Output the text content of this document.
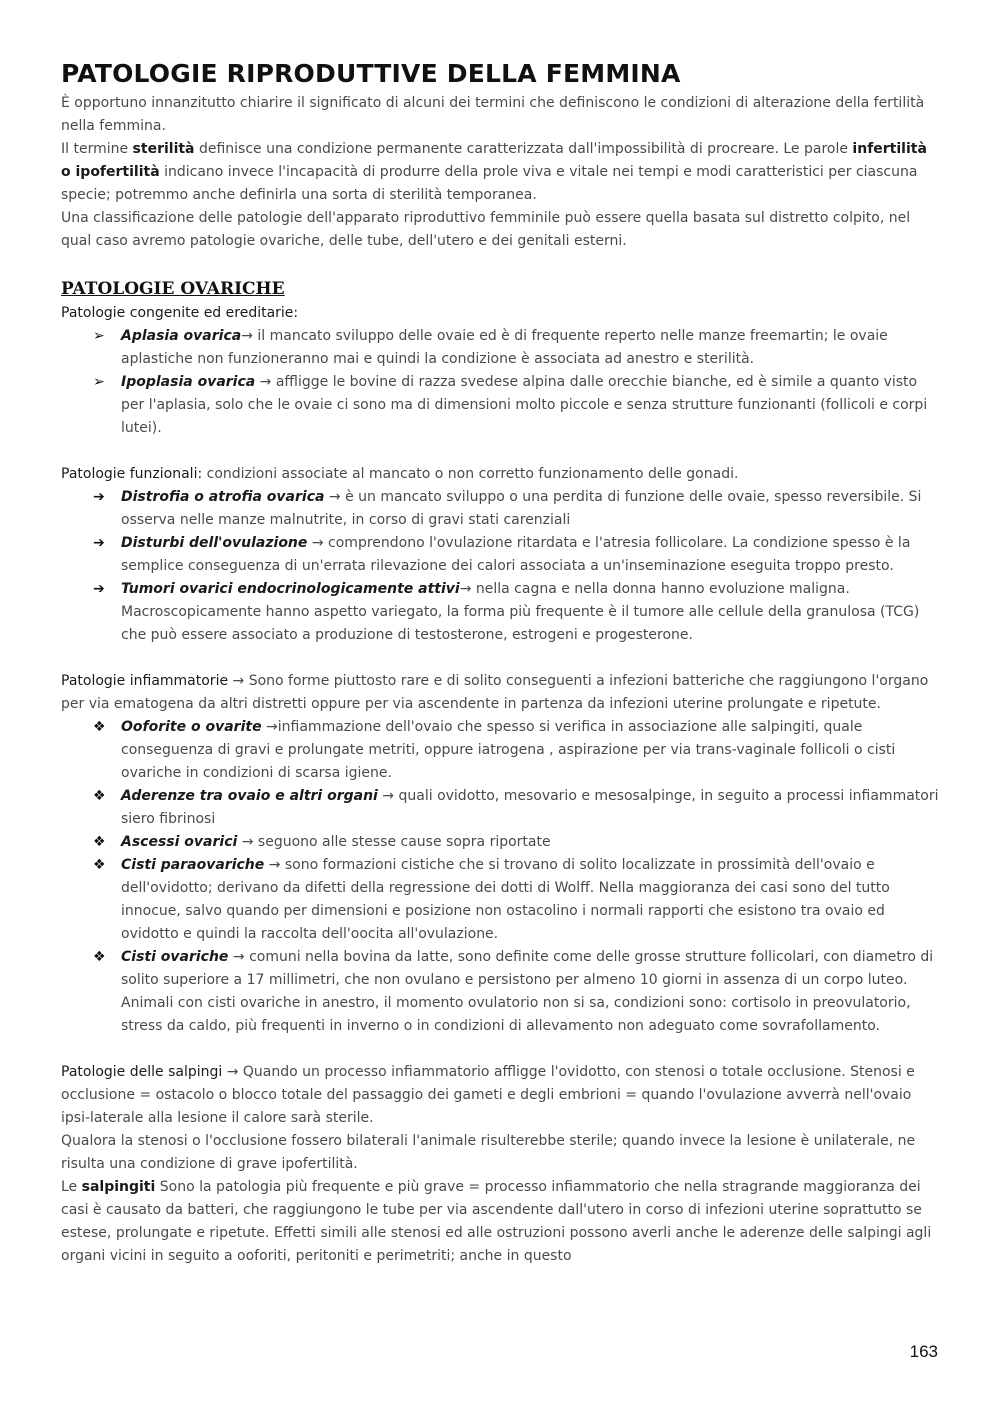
PATOLOGIE RIPRODUTTIVE DELLA FEMMINA

È opportuno innanzitutto chiarire il significato di alcuni dei termini che definiscono le condizioni di alterazione della fertilità nella femmina.

Il termine sterilità definisce una condizione permanente caratterizzata dall'impossibilità di procreare. Le parole infertilità o ipofertilità indicano invece l'incapacità di produrre della prole viva e vitale nei tempi e modi caratteristici per ciascuna specie; potremmo anche definirla una sorta di sterilità temporanea.

Una classificazione delle patologie dell'apparato riproduttivo femminile può essere quella basata sul distretto colpito, nel qual caso avremo patologie ovariche, delle tube, dell'utero e dei genitali esterni.

PATOLOGIE OVARICHE
Patologie congenite ed ereditarie:
➢ Aplasia ovarica→ il mancato sviluppo delle ovaie ed è di frequente reperto nelle manze freemartin; le ovaie aplastiche non funzioneranno mai e quindi la condizione è associata ad anestro e sterilità.
➢ Ipoplasia ovarica → affligge le bovine di razza svedese alpina dalle orecchie bianche, ed è simile a quanto visto per l'aplasia, solo che le ovaie ci sono ma di dimensioni molto piccole e senza strutture funzionanti (follicoli e corpi lutei).

Patologie funzionali: condizioni associate al mancato o non corretto funzionamento delle gonadi.

➔ Distrofia o atrofia ovarica → è un mancato sviluppo o una perdita di funzione delle ovaie, spesso reversibile. Si osserva nelle manze malnutrite, in corso di gravi stati carenziali
➔ Disturbi dell'ovulazione → comprendono l'ovulazione ritardata e l'atresia follicolare. La condizione spesso è la semplice conseguenza di un'errata rilevazione dei calori associata a un'inseminazione eseguita troppo presto.
➔ Tumori ovarici endocrinologicamente attivi→ nella cagna e nella donna hanno evoluzione maligna. Macroscopicamente hanno aspetto variegato, la forma più frequente è il tumore alle cellule della granulosa (TCG) che può essere associato a produzione di testosterone, estrogeni e progesterone.

Patologie infiammatorie → Sono forme piuttosto rare e di solito conseguenti a infezioni batteriche che raggiungono l'organo per via ematogena da altri distretti oppure per via ascendente in partenza da infezioni uterine prolungate e ripetute.

❖ Ooforite o ovarite →infiammazione dell'ovaio che spesso si verifica in associazione alle salpingiti, quale conseguenza di gravi e prolungate metriti, oppure iatrogena , aspirazione per via trans-vaginale follicoli o cisti ovariche in condizioni di scarsa igiene.
❖ Aderenze tra ovaio e altri organi → quali ovidotto, mesovario e mesosalpinge, in seguito a processi infiammatori siero fibrinosi
❖ Ascessi ovarici → seguono alle stesse cause sopra riportate
❖ Cisti paraovariche → sono formazioni cistiche che si trovano di solito localizzate in prossimità dell'ovaio e dell'ovidotto; derivano da difetti della regressione dei dotti di Wolff. Nella maggioranza dei casi sono del tutto innocue, salvo quando per dimensioni e posizione non ostacolino i normali rapporti che esistono tra ovaio ed ovidotto e quindi la raccolta dell'oocita all'ovulazione.
❖ Cisti ovariche → comuni nella bovina da latte, sono definite come delle grosse strutture follicolari, con diametro di solito superiore a 17 millimetri, che non ovulano e persistono per almeno 10 giorni in assenza di un corpo luteo. Animali con cisti ovariche in anestro, il momento ovulatorio non si sa, condizioni sono: cortisolo in preovulatorio, stress da caldo, più frequenti in inverno o in condizioni di allevamento non adeguato come sovrafollamento.

Patologie delle salpingi → Quando un processo infiammatorio affligge l'ovidotto, con stenosi o totale occlusione. Stenosi e occlusione = ostacolo o blocco totale del passaggio dei gameti e degli embrioni = quando l'ovulazione avverrà nell'ovaio ipsi-laterale alla lesione il calore sarà sterile.

Qualora la stenosi o l'occlusione fossero bilaterali l'animale risulterebbe sterile; quando invece la lesione è unilaterale, ne risulta una condizione di grave ipofertilità.

Le salpingiti Sono la patologia più frequente e più grave = processo infiammatorio che nella stragrande maggioranza dei casi è causato da batteri, che raggiungono le tube per via ascendente dall'utero in corso di infezioni uterine soprattutto se estese, prolungate e ripetute. Effetti simili alle stenosi ed alle ostruzioni possono averli anche le aderenze delle salpingi agli organi vicini in seguito a ooforiti, peritoniti e perimetriti; anche in questo

163
